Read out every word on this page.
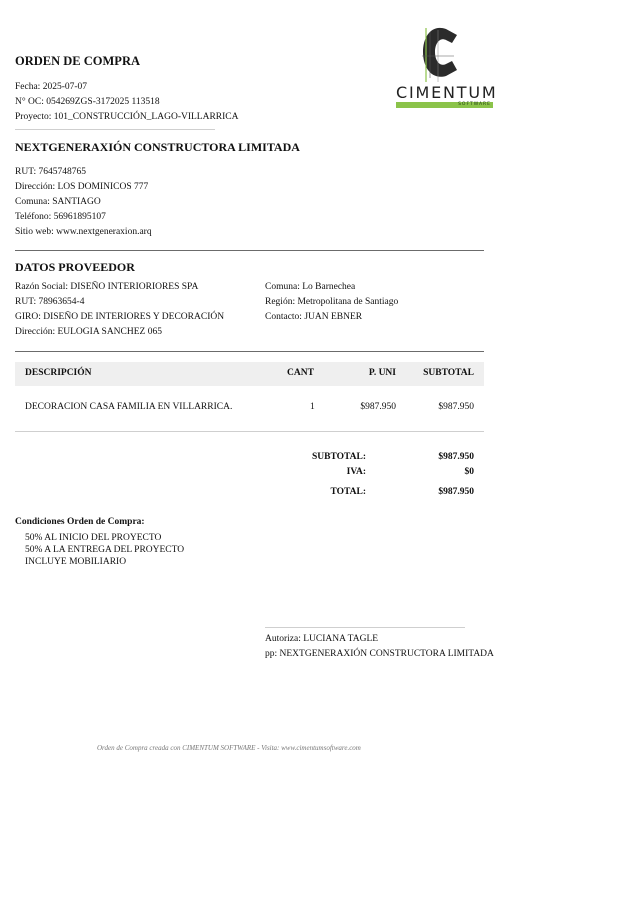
ORDEN DE COMPRA
Fecha: 2025-07-07
N° OC: 054269ZGS-3172025 113518
Proyecto: 101_CONSTRUCCIÓN_LAGO-VILLARRICA
CIMENTUM
SOFTWARE
NEXTGENERAXIÓN CONSTRUCTORA LIMITADA
RUT: 7645748765
Dirección: LOS DOMINICOS 777
Comuna: SANTIAGO
Teléfono: 56961895107
Sitio web: www.nextgeneraxion.arq
DATOS PROVEEDOR
Razón Social: DISEÑO INTERIORIORES SPA
RUT: 78963654-4
GIRO: DISEÑO DE INTERIORES Y DECORACIÓN
Dirección: EULOGIA SANCHEZ 065
Comuna: Lo Barnechea
Región: Metropolitana de Santiago
Contacto: JUAN EBNER
DESCRIPCIÓN	CANT	P. UNI	SUBTOTAL
DECORACION CASA FAMILIA EN VILLARRICA.	1	$987.950	$987.950
SUBTOTAL:	$987.950
IVA:	$0
TOTAL:	$987.950
Condiciones Orden de Compra:
50% AL INICIO DEL PROYECTO
50% A LA ENTREGA DEL PROYECTO
INCLUYE MOBILIARIO
Autoriza: LUCIANA TAGLE
pp: NEXTGENERAXIÓN CONSTRUCTORA LIMITADA
Orden de Compra creada con CIMENTUM SOFTWARE - Visita: www.cimentumsoftware.com
